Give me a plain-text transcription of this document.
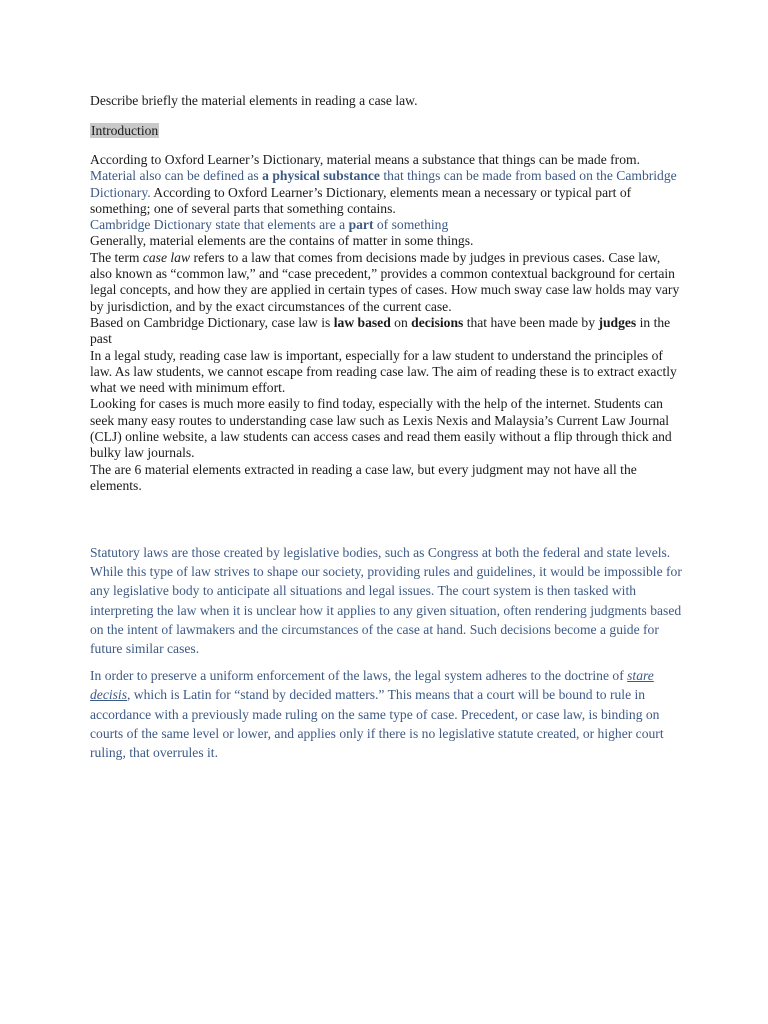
Describe briefly the material elements in reading a case law.

Introduction

According to Oxford Learner’s Dictionary, material means a substance that things can be made from. Material also can be defined as a physical substance that things can be made from based on the Cambridge Dictionary. According to Oxford Learner’s Dictionary, elements mean a necessary or typical part of something; one of several parts that something contains.

Cambridge Dictionary state that elements are a part of something

Generally, material elements are the contains of matter in some things.

The term case law refers to a law that comes from decisions made by judges in previous cases. Case law, also known as “common law,” and “case precedent,” provides a common contextual background for certain legal concepts, and how they are applied in certain types of cases. How much sway case law holds may vary by jurisdiction, and by the exact circumstances of the current case.

Based on Cambridge Dictionary, case law is law based on decisions that have been made by judges in the past

In a legal study, reading case law is important, especially for a law student to understand the principles of law. As law students, we cannot escape from reading case law. The aim of reading these is to extract exactly what we need with minimum effort.

Looking for cases is much more easily to find today, especially with the help of the internet. Students can seek many easy routes to understanding case law such as Lexis Nexis and Malaysia’s Current Law Journal (CLJ) online website, a law students can access cases and read them easily without a flip through thick and bulky law journals.

The are 6 material elements extracted in reading a case law, but every judgment may not have all the elements.

Statutory laws are those created by legislative bodies, such as Congress at both the federal and state levels. While this type of law strives to shape our society, providing rules and guidelines, it would be impossible for any legislative body to anticipate all situations and legal issues. The court system is then tasked with interpreting the law when it is unclear how it applies to any given situation, often rendering judgments based on the intent of lawmakers and the circumstances of the case at hand. Such decisions become a guide for future similar cases.

In order to preserve a uniform enforcement of the laws, the legal system adheres to the doctrine of stare decisis, which is Latin for “stand by decided matters.” This means that a court will be bound to rule in accordance with a previously made ruling on the same type of case. Precedent, or case law, is binding on courts of the same level or lower, and applies only if there is no legislative statute created, or higher court ruling, that overrules it.
